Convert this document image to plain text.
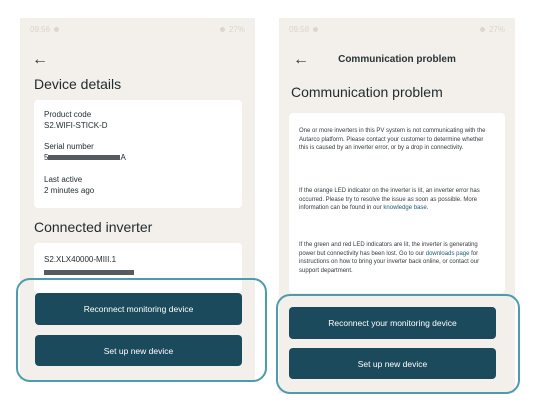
09:56	27%
←
Device details
Product code
S2.WIFI-STICK-D
Serial number
5	A
Last active
2 minutes ago
Connected inverter
S2.XLX40000-MIII.1
09:58	27%
←	Communication problem
Communication problem
One or more inverters in this PV system is not communicating with the Autarco platform. Please contact your customer to determine whether this is caused by an inverter error, or by a drop in connectivity.
If the orange LED indicator on the inverter is lit, an inverter error has occurred. Please try to resolve the issue as soon as possible. More information can be found in our knowledge base.
If the green and red LED indicators are lit, the inverter is generating power but connectivity has been lost. Go to our downloads page for instructions on how to bring your inverter back online, or contact our support department.
Reconnect monitoring device
Set up new device
Reconnect your monitoring device
Set up new device
